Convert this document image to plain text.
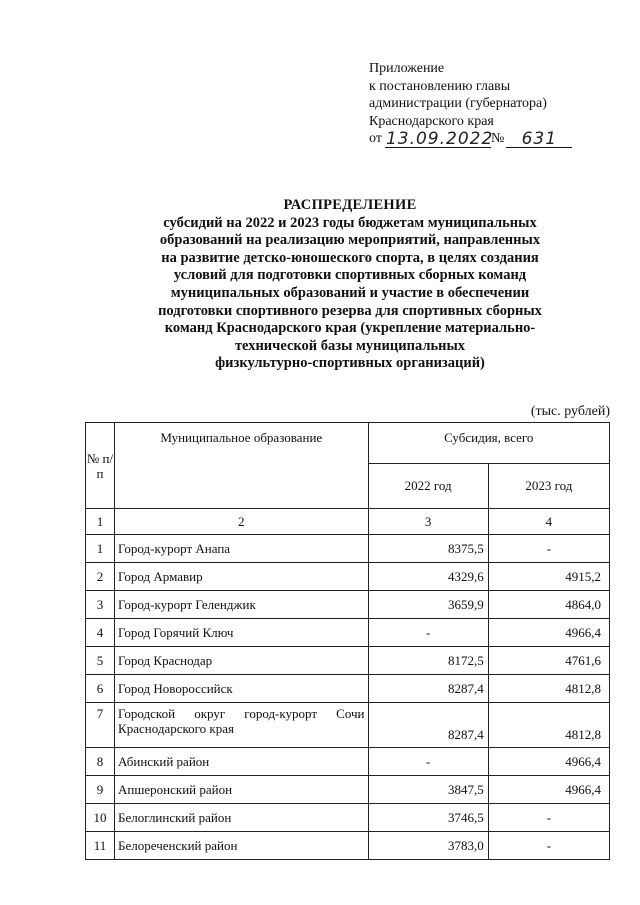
Приложение
к постановлению главы
администрации (губернатора)
Краснодарского края
от 13.09.2022
№	631
РАСПРЕДЕЛЕНИЕ
субсидий на 2022 и 2023 годы бюджетам муниципальных
образований на реализацию мероприятий, направленных
на развитие детско-юношеского спорта, в целях создания
условий для подготовки спортивных сборных команд
муниципальных образований и участие в обеспечении
подготовки спортивного резерва для спортивных сборных
команд Краснодарского края (укрепление материально-
технической базы муниципальных
физкультурно-спортивных организаций)
(тыс. рублей)
№ п/п	Муниципальное образование	Субсидия, всего	
		2022 год	2023 год
1	2	3	4
1	Город-курорт Анапа	8375,5	-
2	Город Армавир	4329,6	4915,2
3	Город-курорт Геленджик	3659,9	4864,0
4	Город Горячий Ключ	-	4966,4
5	Город Краснодар	8172,5	4761,6
6	Город Новороссийск	8287,4	4812,8
7	Городской округ город-курорт Сочи Краснодарского края	8287,4	4812,8
8	Абинский район	-	4966,4
9	Апшеронский район	3847,5	4966,4
10	Белоглинский район	3746,5	-
11	Белореченский район	3783,0	-
